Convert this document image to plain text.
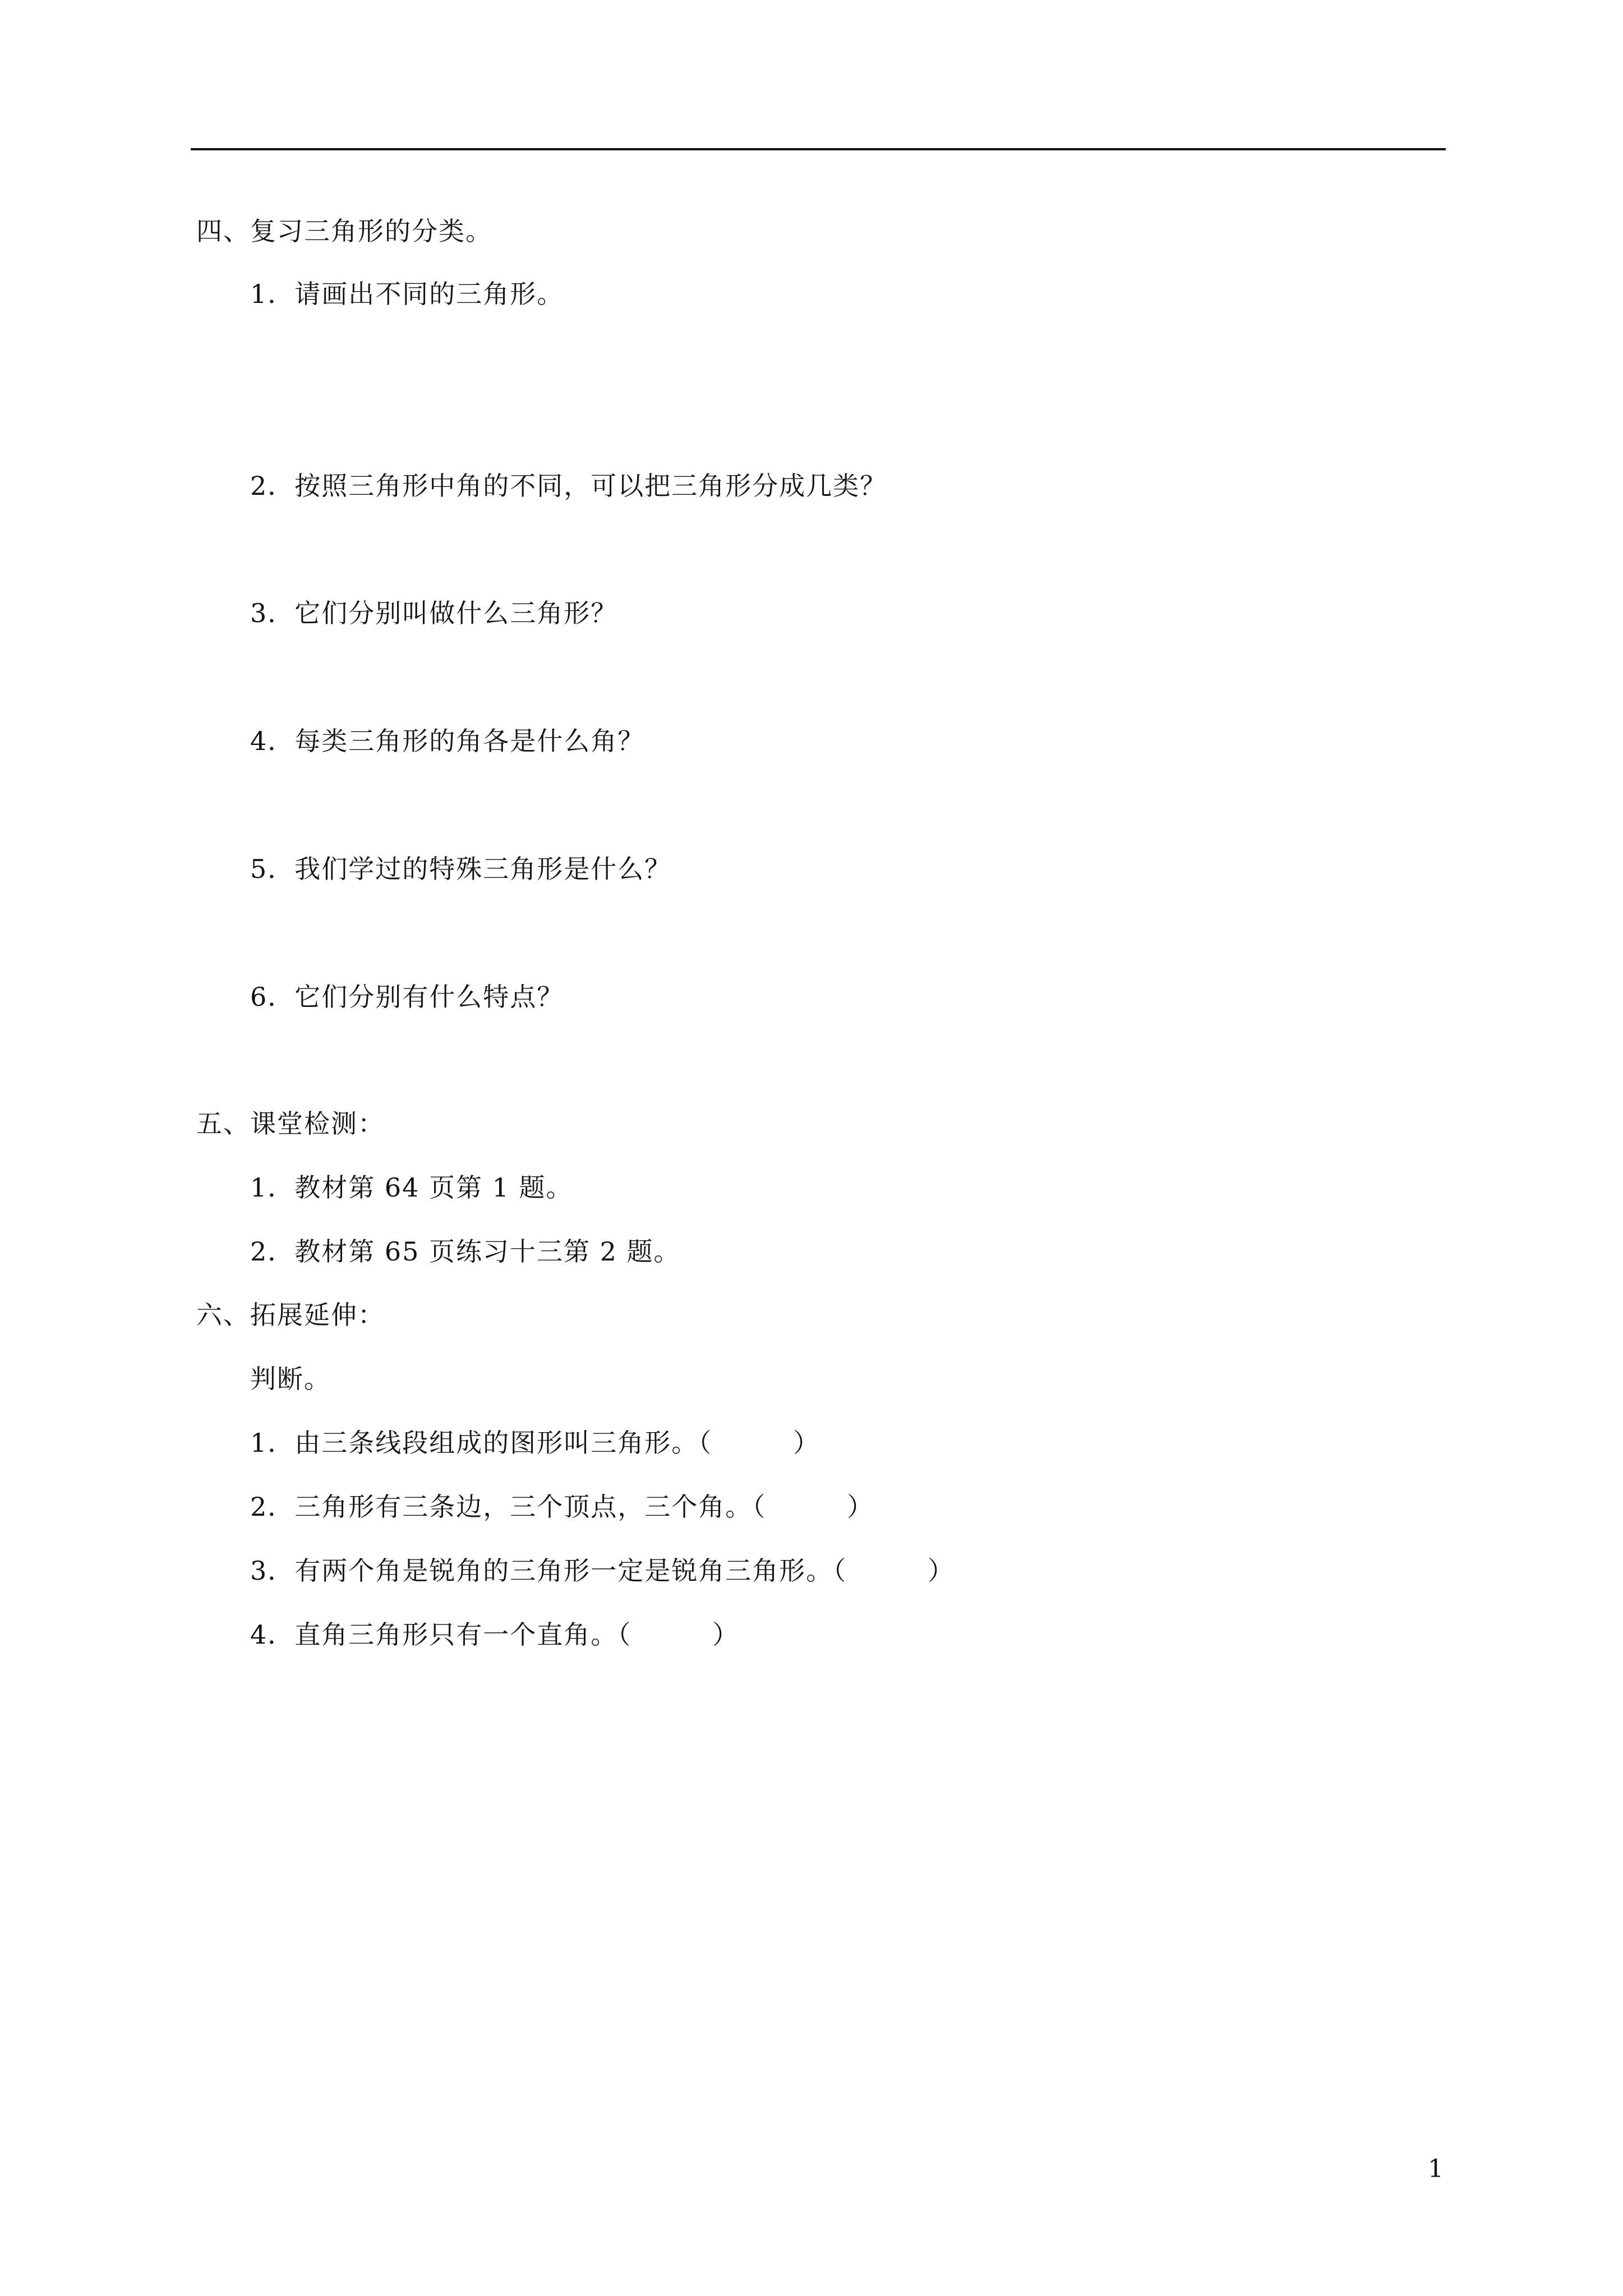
四、复习三角形的分类。
1．请画出不同的三角形。
2．按照三角形中角的不同，可以把三角形分成几类？
3．它们分别叫做什么三角形？
4．每类三角形的角各是什么角？
5．我们学过的特殊三角形是什么？
6．它们分别有什么特点？
五、课堂检测：
1．教材第 64 页第 1 题。
2．教材第 65 页练习十三第 2 题。
六、拓展延伸：
判断。
1．由三条线段组成的图形叫三角形。（　　　）
2．三角形有三条边，三个顶点，三个角。（　　　）
3．有两个角是锐角的三角形一定是锐角三角形。（　　　）
4．直角三角形只有一个直角。（　　　）
1
